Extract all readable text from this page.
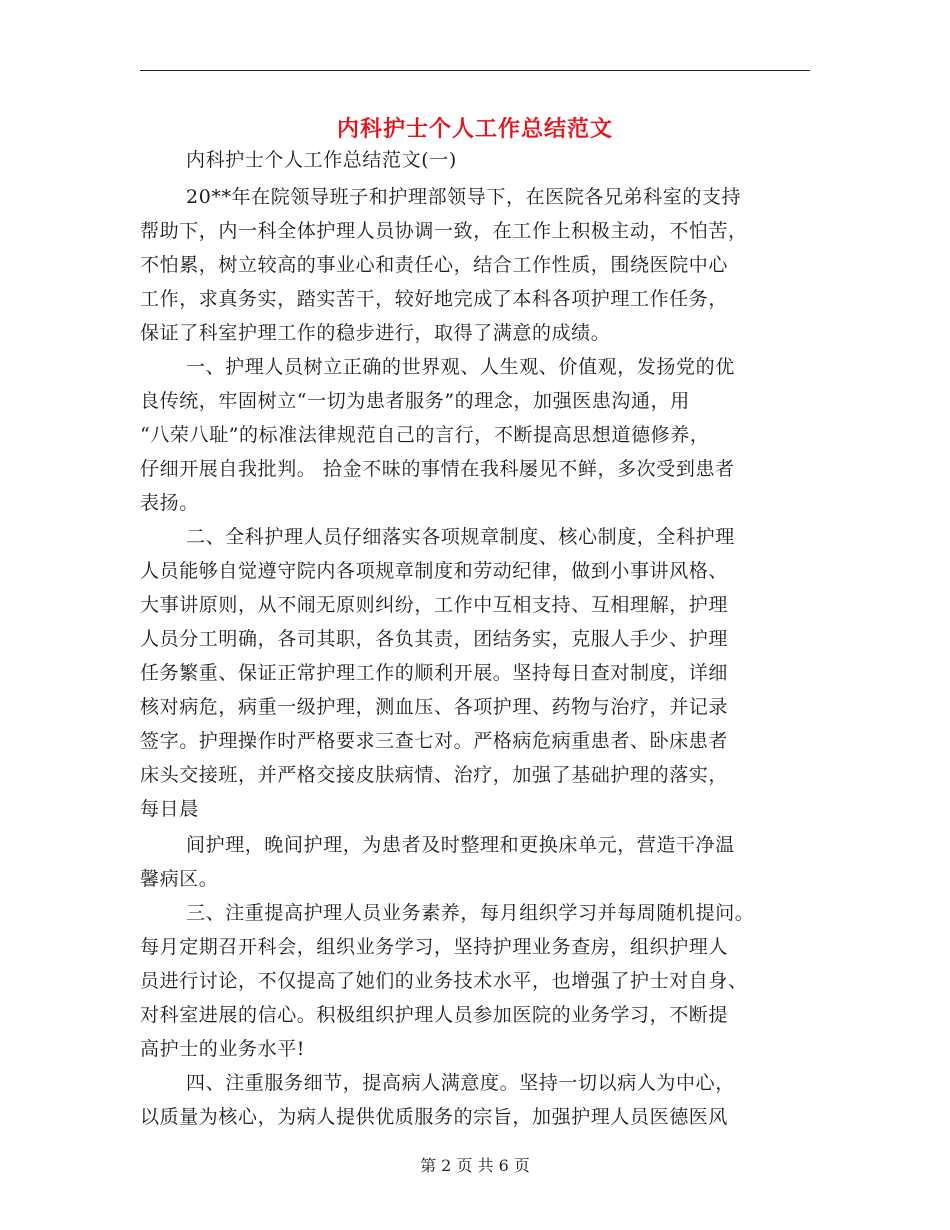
内科护士个人工作总结范文
内科护士个人工作总结范文(一)
20**年在院领导班子和护理部领导下，在医院各兄弟科室的支持
帮助下，内一科全体护理人员协调一致，在工作上积极主动，不怕苦，
不怕累，树立较高的事业心和责任心，结合工作性质，围绕医院中心
工作，求真务实，踏实苦干，较好地完成了本科各项护理工作任务，
保证了科室护理工作的稳步进行，取得了满意的成绩。
一、护理人员树立正确的世界观、人生观、价值观，发扬党的优
良传统，牢固树立“一切为患者服务”的理念，加强医患沟通，用
“八荣八耻”的标准法律规范自己的言行，不断提高思想道德修养，
仔细开展自我批判。 拾金不昧的事情在我科屡见不鲜，多次受到患者
表扬。
二、全科护理人员仔细落实各项规章制度、核心制度，全科护理
人员能够自觉遵守院内各项规章制度和劳动纪律，做到小事讲风格、
大事讲原则，从不闹无原则纠纷，工作中互相支持、互相理解，护理
人员分工明确，各司其职，各负其责，团结务实，克服人手少、护理
任务繁重、保证正常护理工作的顺利开展。坚持每日查对制度，详细
核对病危，病重一级护理，测血压、各项护理、药物与治疗，并记录
签字。护理操作时严格要求三查七对。严格病危病重患者、卧床患者
床头交接班，并严格交接皮肤病情、治疗，加强了基础护理的落实，
每日晨
间护理，晚间护理，为患者及时整理和更换床单元，营造干净温
馨病区。
三、注重提高护理人员业务素养，每月组织学习并每周随机提问。
每月定期召开科会，组织业务学习，坚持护理业务查房，组织护理人
员进行讨论，不仅提高了她们的业务技术水平，也增强了护士对自身、
对科室进展的信心。积极组织护理人员参加医院的业务学习，不断提
高护士的业务水平!
四、注重服务细节，提高病人满意度。坚持一切以病人为中心，
以质量为核心，为病人提供优质服务的宗旨，加强护理人员医德医风
第 2 页 共 6 页
